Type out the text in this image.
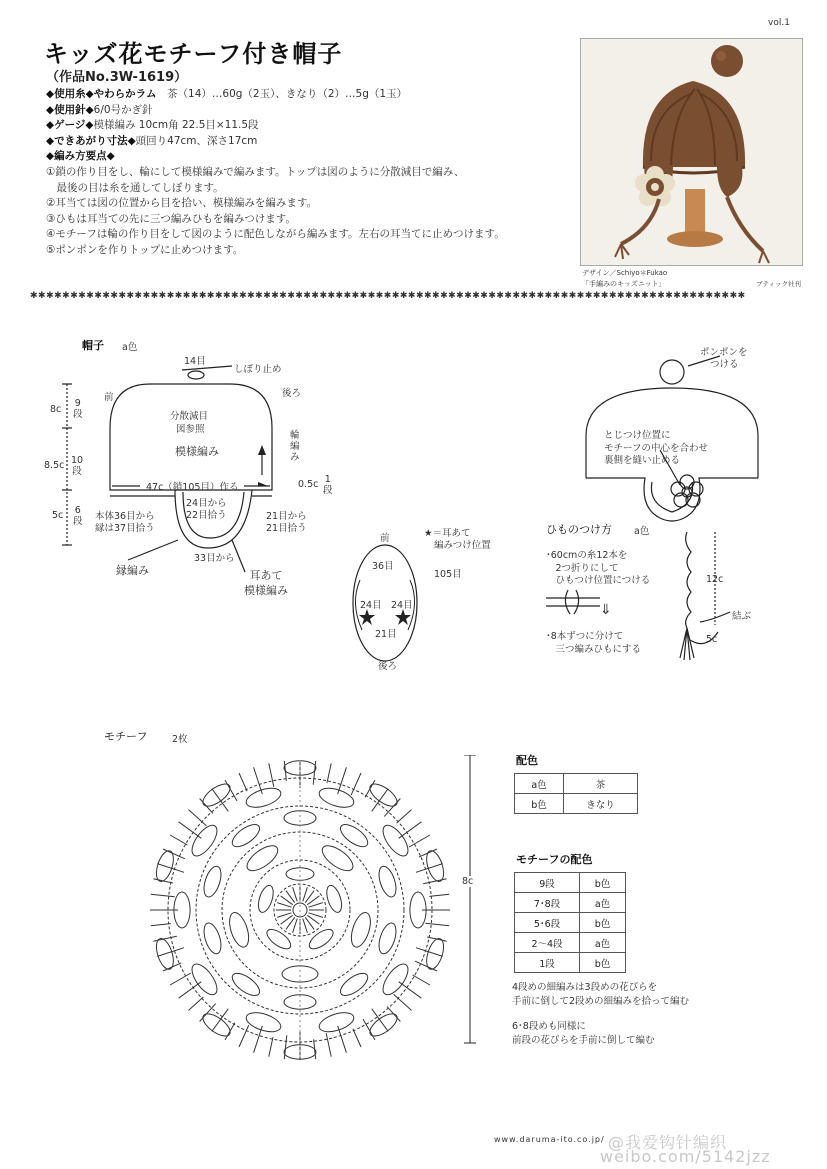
vol.1
キッズ花モチーフ付き帽子
（作品No.3W-1619）
◆使用糸◆やわらかラム　 茶（14）…60g（2玉）、きなり（2）…5g（1玉）
◆使用針◆6/0号かぎ針
◆ゲージ◆模様編み 10cm角 22.5目×11.5段
◆できあがり寸法◆頭回り47cm、深さ17cm
◆編み方要点◆
①鎖の作り目をし、輪にして模様編みで編みます。トップは図のように分散減目で編み、
　最後の目は糸を通してしぼります。
②耳当ては図の位置から目を拾い、模様編みを編みます。
③ひもは耳当ての先に三つ編みひもを編みつけます。
④モチーフは輪の作り目をして図のように配色しながら編みます。左右の耳当てに止めつけます。
⑤ポンポンを作りトップに止めつけます。
デザイン／Schiyo＊Fukao
「手編みのキッズニット」	ブティック社刊
✱✱✱✱✱✱✱✱✱✱✱✱✱✱✱✱✱✱✱✱✱✱✱✱✱✱✱✱✱✱✱✱✱✱✱✱✱✱✱✱✱✱✱✱✱✱✱✱✱✱✱✱✱✱✱✱✱✱✱✱✱✱✱✱✱✱✱✱✱✱✱✱✱✱✱✱✱✱✱✱✱✱✱✱✱✱✱✱✱
帽子 a色
14目
しぼり止め
前	後ろ
8c
9
段
8.5c 10
段
5c 6
段
分散減目
図参照
模様編み
輪
編
み
47c（鎖105目）作る	0.5c 1
段
本体36目から
縁は37目拾う
24目から
22目拾う	21目から
21目拾う
33目から
縁編み	耳あて
模様編み
前
36目
24目 24目
21目
後ろ
★＝耳あて
編みつけ位置
105目
ポンポンを
つける
とじつけ位置に
モチーフの中心を合わせ
裏側を縫い止める
ひものつけ方 a色
･60cmの糸12本を
　2つ折りにして
　ひもつけ位置につける
⇓
･8本ずつに分けて
　三つ編みひもにする
12c
結ぶ
5c
モチーフ	2枚
8c
配色
a色	茶
b色	きなり
モチーフの配色
9段	b色
7･8段	a色
5･6段	b色
2〜4段	a色
1段	b色
4段めの細編みは3段めの花びらを
手前に倒して2段めの細編みを拾って編む
6･8段めも同様に
前段の花びらを手前に倒して編む
www.daruma-ito.co.jp/ @我爱钩针编织
weibo.com/5142jzz
